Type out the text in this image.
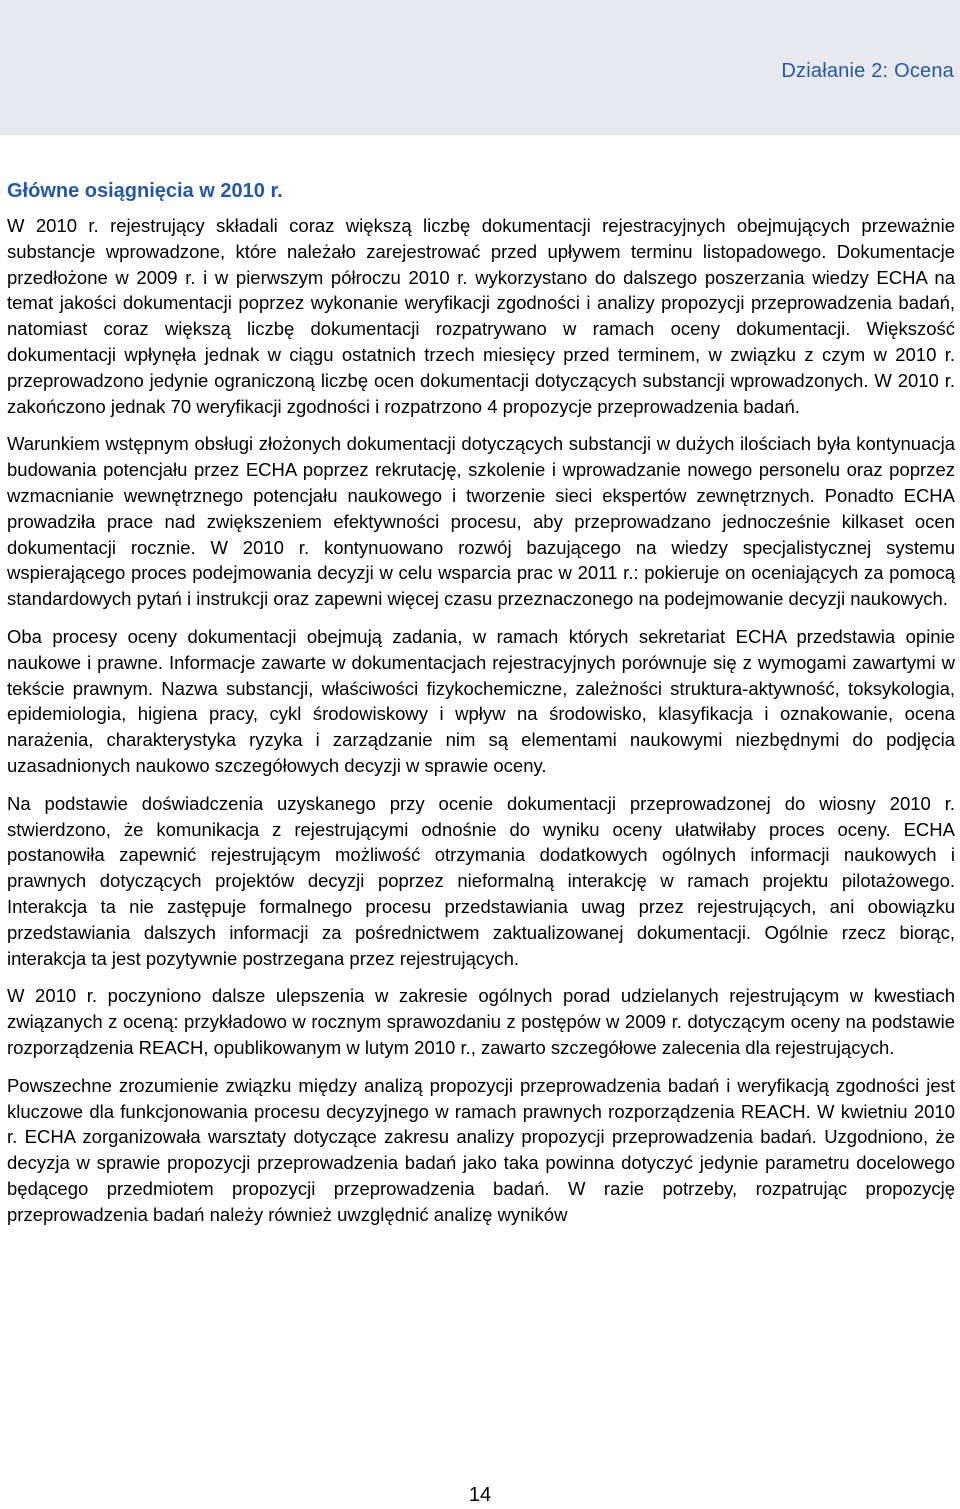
Działanie 2: Ocena
Główne osiągnięcia w 2010 r.

W 2010 r. rejestrujący składali coraz większą liczbę dokumentacji rejestracyjnych obejmujących przeważnie substancje wprowadzone, które należało zarejestrować przed upływem terminu listopadowego. Dokumentacje przedłożone w 2009 r. i w pierwszym półroczu 2010 r. wykorzystano do dalszego poszerzania wiedzy ECHA na temat jakości dokumentacji poprzez wykonanie weryfikacji zgodności i analizy propozycji przeprowadzenia badań, natomiast coraz większą liczbę dokumentacji rozpatrywano w ramach oceny dokumentacji. Większość dokumentacji wpłynęła jednak w ciągu ostatnich trzech miesięcy przed terminem, w związku z czym w 2010 r. przeprowadzono jedynie ograniczoną liczbę ocen dokumentacji dotyczących substancji wprowadzonych. W 2010 r. zakończono jednak 70 weryfikacji zgodności i rozpatrzono 4 propozycje przeprowadzenia badań.

Warunkiem wstępnym obsługi złożonych dokumentacji dotyczących substancji w dużych ilościach była kontynuacja budowania potencjału przez ECHA poprzez rekrutację, szkolenie i wprowadzanie nowego personelu oraz poprzez wzmacnianie wewnętrznego potencjału naukowego i tworzenie sieci ekspertów zewnętrznych. Ponadto ECHA prowadziła prace nad zwiększeniem efektywności procesu, aby przeprowadzano jednocześnie kilkaset ocen dokumentacji rocznie. W 2010 r. kontynuowano rozwój bazującego na wiedzy specjalistycznej systemu wspierającego proces podejmowania decyzji w celu wsparcia prac w 2011 r.: pokieruje on oceniających za pomocą standardowych pytań i instrukcji oraz zapewni więcej czasu przeznaczonego na podejmowanie decyzji naukowych.

Oba procesy oceny dokumentacji obejmują zadania, w ramach których sekretariat ECHA przedstawia opinie naukowe i prawne. Informacje zawarte w dokumentacjach rejestracyjnych porównuje się z wymogami zawartymi w tekście prawnym. Nazwa substancji, właściwości fizykochemiczne, zależności struktura-aktywność, toksykologia, epidemiologia, higiena pracy, cykl środowiskowy i wpływ na środowisko, klasyfikacja i oznakowanie, ocena narażenia, charakterystyka ryzyka i zarządzanie nim są elementami naukowymi niezbędnymi do podjęcia uzasadnionych naukowo szczegółowych decyzji w sprawie oceny.

Na podstawie doświadczenia uzyskanego przy ocenie dokumentacji przeprowadzonej do wiosny 2010 r. stwierdzono, że komunikacja z rejestrującymi odnośnie do wyniku oceny ułatwiłaby proces oceny. ECHA postanowiła zapewnić rejestrującym możliwość otrzymania dodatkowych ogólnych informacji naukowych i prawnych dotyczących projektów decyzji poprzez nieformalną interakcję w ramach projektu pilotażowego. Interakcja ta nie zastępuje formalnego procesu przedstawiania uwag przez rejestrujących, ani obowiązku przedstawiania dalszych informacji za pośrednictwem zaktualizowanej dokumentacji. Ogólnie rzecz biorąc, interakcja ta jest pozytywnie postrzegana przez rejestrujących.

W 2010 r. poczyniono dalsze ulepszenia w zakresie ogólnych porad udzielanych rejestrującym w kwestiach związanych z oceną: przykładowo w rocznym sprawozdaniu z postępów w 2009 r. dotyczącym oceny na podstawie rozporządzenia REACH, opublikowanym w lutym 2010 r., zawarto szczegółowe zalecenia dla rejestrujących.

Powszechne zrozumienie związku między analizą propozycji przeprowadzenia badań i weryfikacją zgodności jest kluczowe dla funkcjonowania procesu decyzyjnego w ramach prawnych rozporządzenia REACH. W kwietniu 2010 r. ECHA zorganizowała warsztaty dotyczące zakresu analizy propozycji przeprowadzenia badań. Uzgodniono, że decyzja w sprawie propozycji przeprowadzenia badań jako taka powinna dotyczyć jedynie parametru docelowego będącego przedmiotem propozycji przeprowadzenia badań. W razie potrzeby, rozpatrując propozycję przeprowadzenia badań należy również uwzględnić analizę wyników

14
